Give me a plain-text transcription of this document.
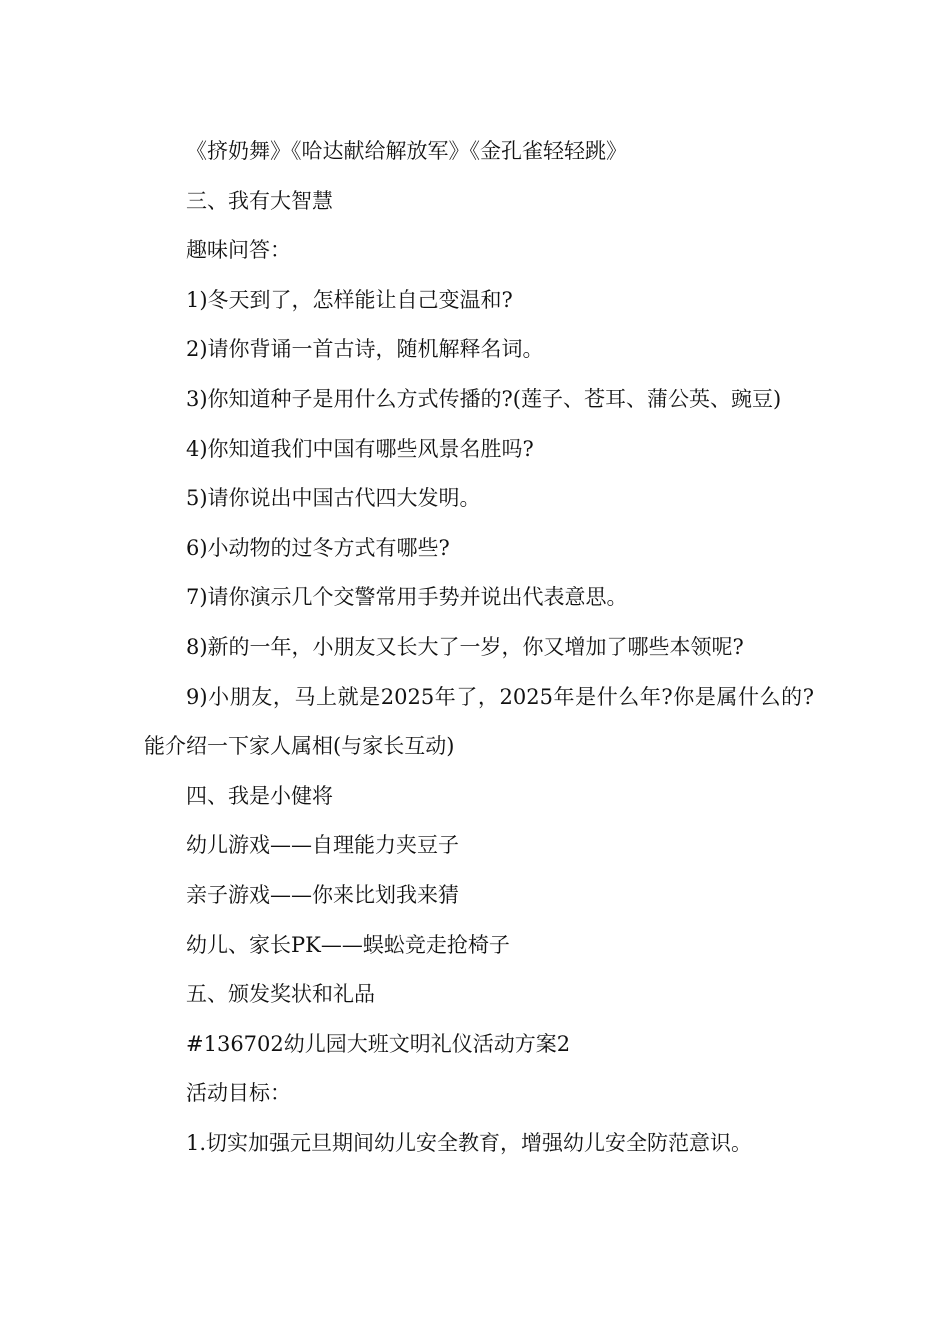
《挤奶舞》《哈达献给解放军》《金孔雀轻轻跳》

三、我有大智慧

趣味问答：

1)冬天到了，怎样能让自己变温和?

2)请你背诵一首古诗，随机解释名词。

3)你知道种子是用什么方式传播的?(莲子、苍耳、蒲公英、豌豆)

4)你知道我们中国有哪些风景名胜吗?

5)请你说出中国古代四大发明。

6)小动物的过冬方式有哪些?

7)请你演示几个交警常用手势并说出代表意思。

8)新的一年，小朋友又长大了一岁，你又增加了哪些本领呢?

9)小朋友，马上就是2025年了，2025年是什么年?你是属什么的?能介绍一下家人属相(与家长互动)

四、我是小健将

幼儿游戏——自理能力夹豆子

亲子游戏——你来比划我来猜

幼儿、家长PK——蜈蚣竞走抢椅子

五、颁发奖状和礼品

#136702幼儿园大班文明礼仪活动方案2

活动目标：

1.切实加强元旦期间幼儿安全教育，增强幼儿安全防范意识。
